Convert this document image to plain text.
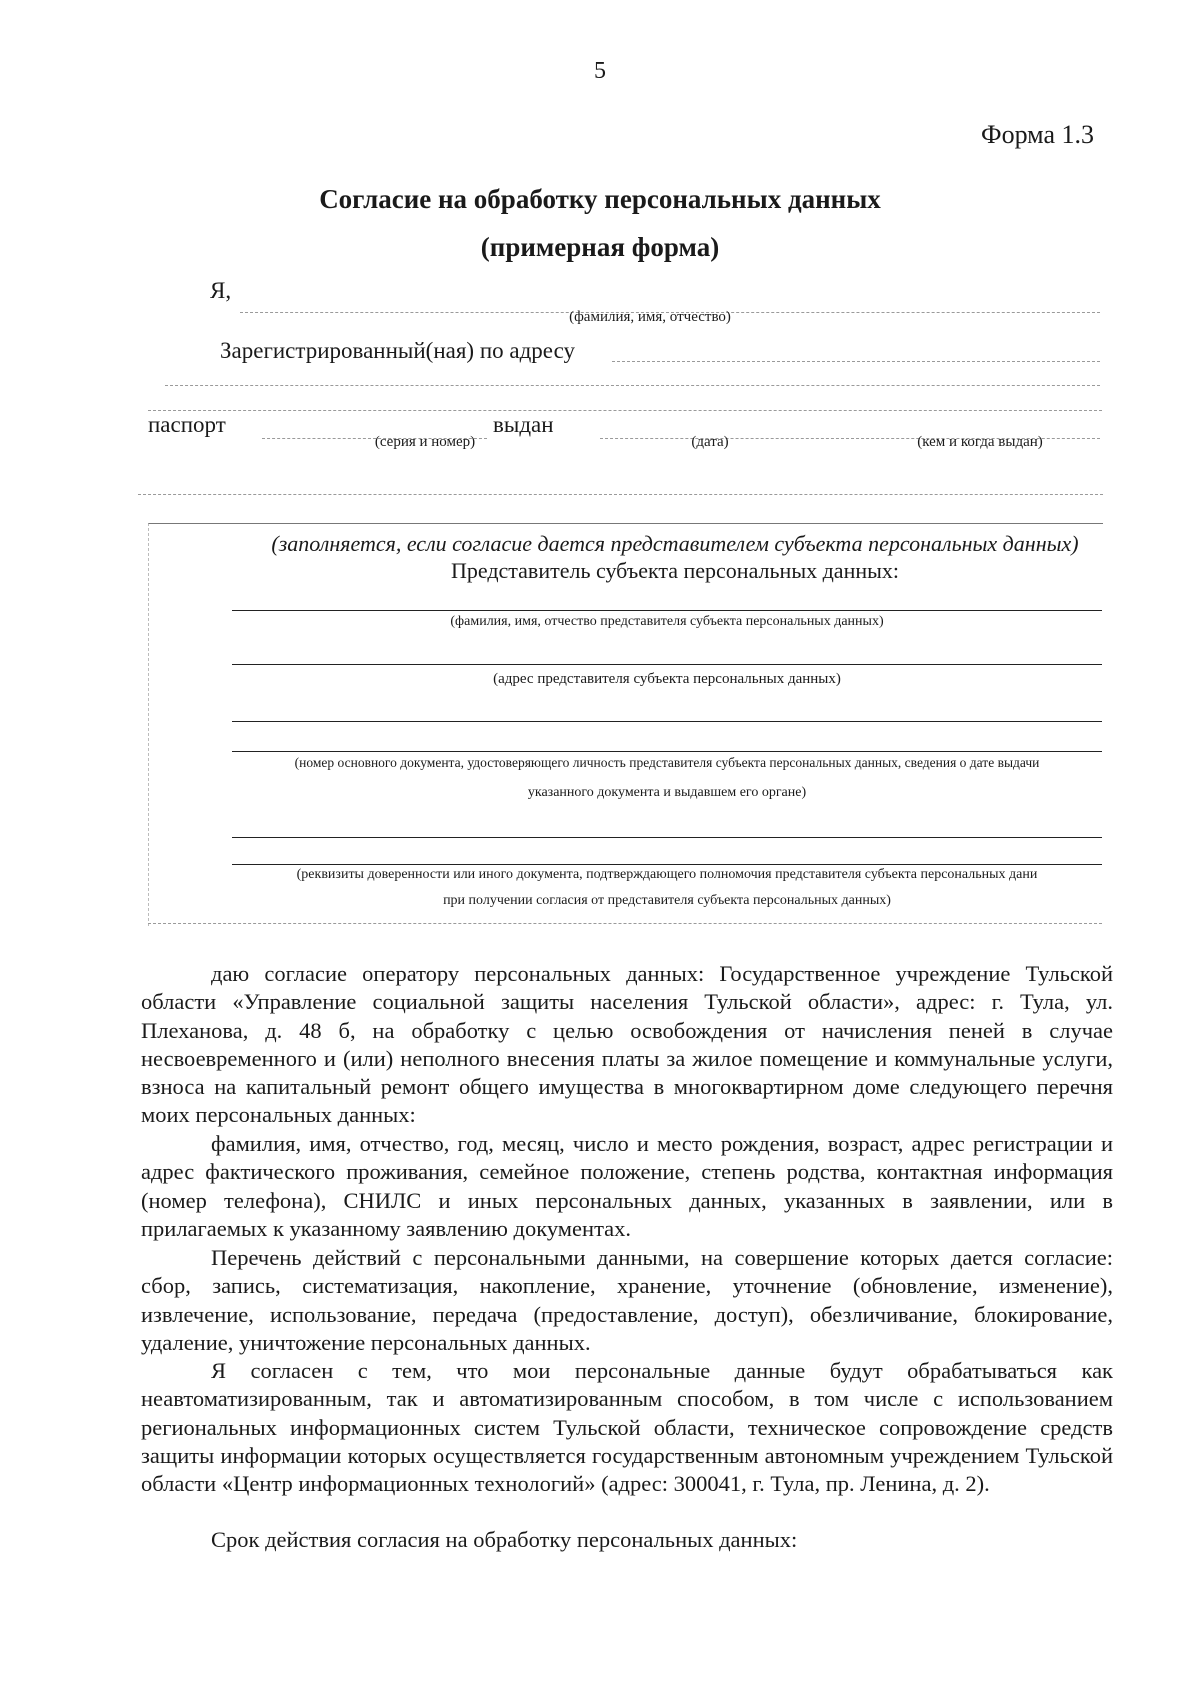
5
Форма 1.3
Согласие на обработку персональных данных
(примерная форма)
Я,
(фамилия, имя, отчество)
Зарегистрированный(ная) по адресу
паспорт	выдан
(серия и номер)	(дата)	(кем и когда выдан)
(заполняется, если согласие дается представителем субъекта персональных данных)
Представитель субъекта персональных данных:
(фамилия, имя, отчество представителя субъекта персональных данных)
(адрес представителя субъекта персональных данных)
(номер основного документа, удостоверяющего личность представителя субъекта персональных данных, сведения о дате выдачи
указанного документа и выдавшем его органе)
(реквизиты доверенности или иного документа, подтверждающего полномочия представителя субъекта персональных дани
при получении согласия от представителя субъекта персональных данных)

даю согласие оператору персональных данных: Государственное учреждение Тульской области «Управление социальной защиты населения Тульской области», адрес: г. Тула, ул. Плеханова, д. 48 б, на обработку с целью освобождения от начисления пеней в случае несвоевременного и (или) неполного внесения платы за жилое помещение и коммунальные услуги, взноса на капитальный ремонт общего имущества в многоквартирном доме следующего перечня моих персональных данных:

фамилия, имя, отчество, год, месяц, число и место рождения, возраст, адрес регистрации и адрес фактического проживания, семейное положение, степень родства, контактная информация (номер телефона), СНИЛС и иных персональных данных, указанных в заявлении, или в прилагаемых к указанному заявлению документах.

Перечень действий с персональными данными, на совершение которых дается согласие: сбор, запись, систематизация, накопление, хранение, уточнение (обновление, изменение), извлечение, использование, передача (предоставление, доступ), обезличивание, блокирование, удаление, уничтожение персональных данных.

Я согласен с тем, что мои персональные данные будут обрабатываться как неавтоматизированным, так и автоматизированным способом, в том числе с использованием региональных информационных систем Тульской области, техническое сопровождение средств защиты информации которых осуществляется государственным автономным учреждением Тульской области «Центр информационных технологий» (адрес: 300041, г. Тула, пр. Ленина, д. 2).

Срок действия согласия на обработку персональных данных:
